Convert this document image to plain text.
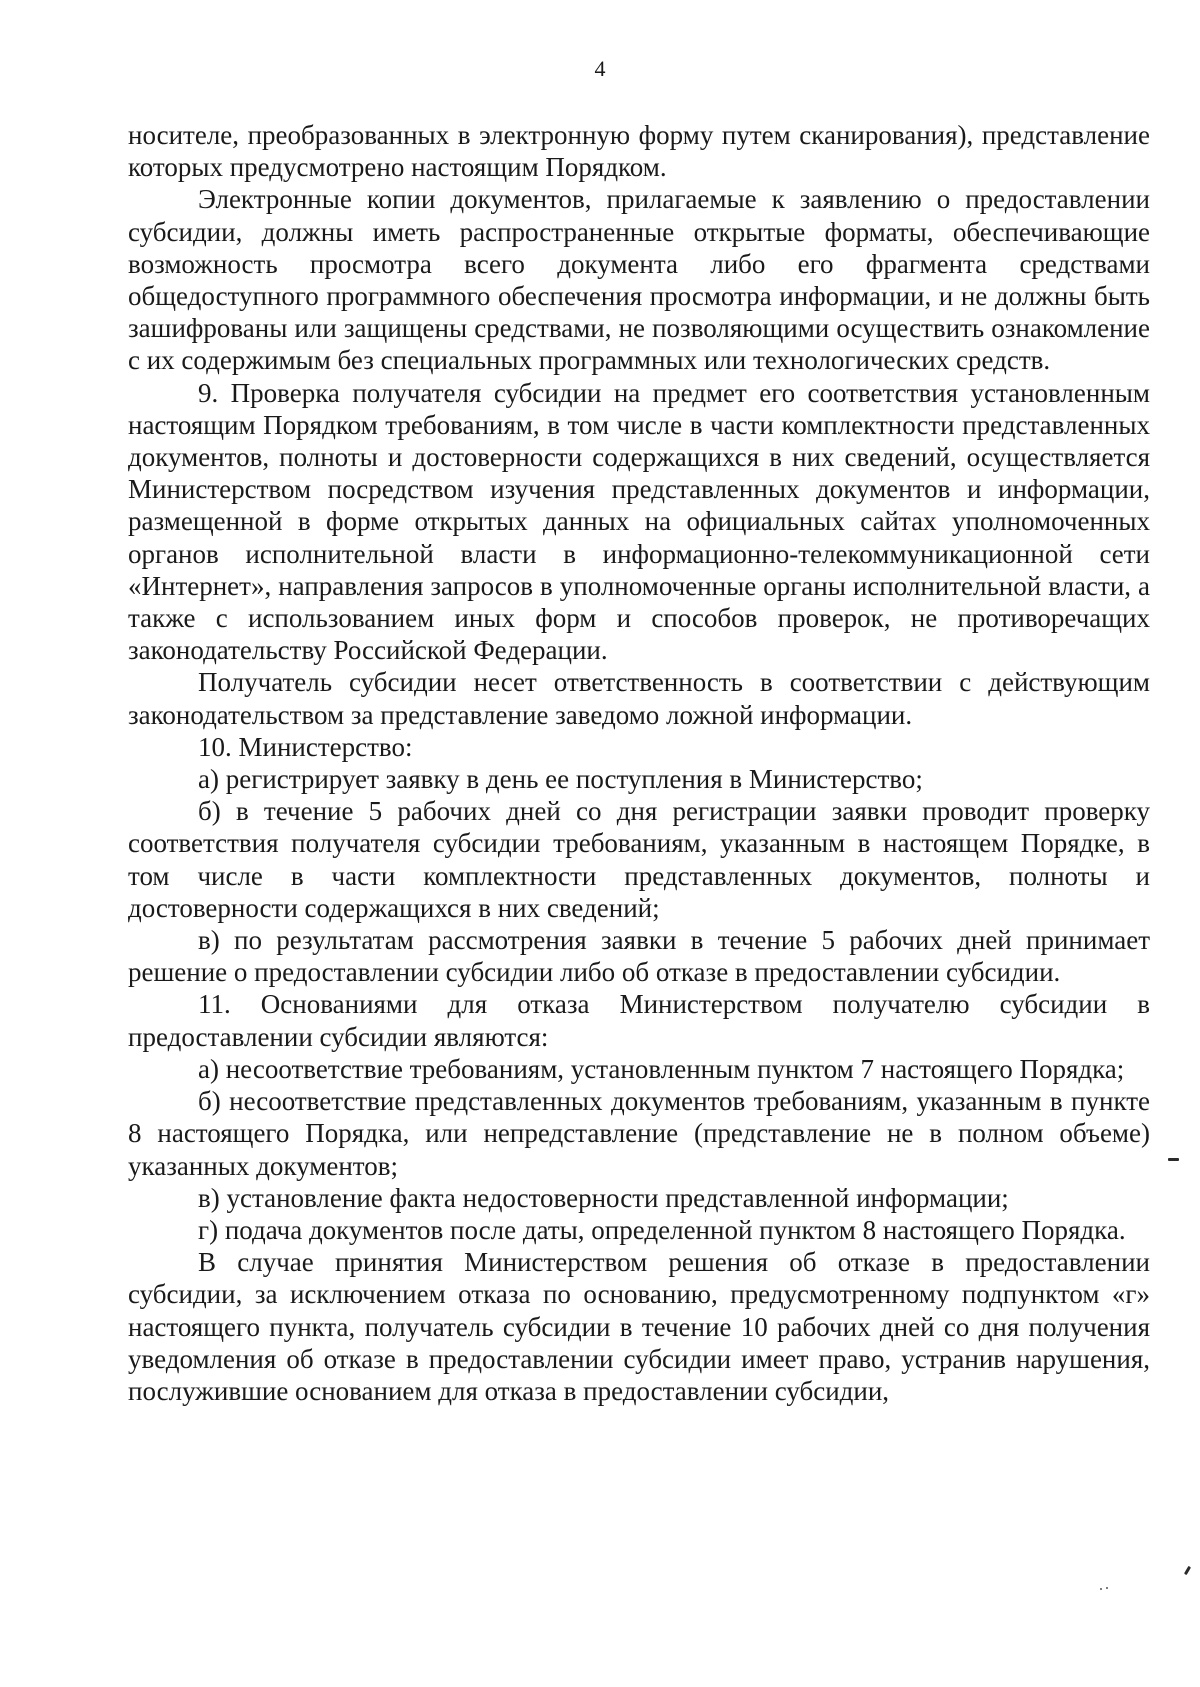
4

носителе, преобразованных в электронную форму путем сканирования), представление которых предусмотрено настоящим Порядком.

Электронные копии документов, прилагаемые к заявлению о предоставлении субсидии, должны иметь распространенные открытые форматы, обеспечивающие возможность просмотра всего документа либо его фрагмента средствами общедоступного программного обеспечения просмотра информации, и не должны быть зашифрованы или защищены средствами, не позволяющими осуществить ознакомление с их содержимым без специальных программных или технологических средств.

9. Проверка получателя субсидии на предмет его соответствия установленным настоящим Порядком требованиям, в том числе в части комплектности представленных документов, полноты и достоверности содержащихся в них сведений, осуществляется Министерством посредством изучения представленных документов и информации, размещенной в форме открытых данных на официальных сайтах уполномоченных органов исполнительной власти в информационно-телекоммуникационной сети «Интернет», направления запросов в уполномоченные органы исполнительной власти, а также с использованием иных форм и способов проверок, не противоречащих законодательству Российской Федерации.

Получатель субсидии несет ответственность в соответствии с действующим законодательством за представление заведомо ложной информации.

10. Министерство:

а) регистрирует заявку в день ее поступления в Министерство;

б) в течение 5 рабочих дней со дня регистрации заявки проводит проверку соответствия получателя субсидии требованиям, указанным в настоящем Порядке, в том числе в части комплектности представленных документов, полноты и достоверности содержащихся в них сведений;

в) по результатам рассмотрения заявки в течение 5 рабочих дней принимает решение о предоставлении субсидии либо об отказе в предоставлении субсидии.

11. Основаниями для отказа Министерством получателю субсидии в предоставлении субсидии являются:

а) несоответствие требованиям, установленным пунктом 7 настоящего Порядка;

б) несоответствие представленных документов требованиям, указанным в пункте 8 настоящего Порядка, или непредставление (представление не в полном объеме) указанных документов;

в) установление факта недостоверности представленной информации;

г) подача документов после даты, определенной пунктом 8 настоящего Порядка.

В случае принятия Министерством решения об отказе в предоставлении субсидии, за исключением отказа по основанию, предусмотренному подпунктом «г» настоящего пункта, получатель субсидии в течение 10 рабочих дней со дня получения уведомления об отказе в предоставлении субсидии имеет право, устранив нарушения, послужившие основанием для отказа в предоставлении субсидии,
